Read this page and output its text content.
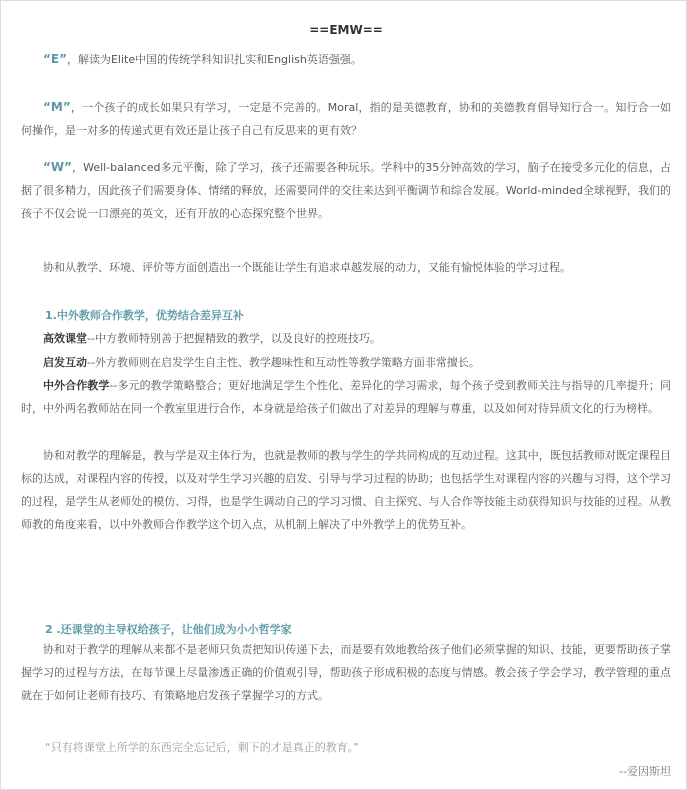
==EMW==
“E”，解读为Elite中国的传统学科知识扎实和English英语强强。
“M”，一个孩子的成长如果只有学习，一定是不完善的。Moral，指的是美德教育，协和的美德教育倡导知行合一。知行合一如何操作，是一对多的传递式更有效还是让孩子自己有反思来的更有效？
“W”，Well-balanced多元平衡，除了学习，孩子还需要各种玩乐。学科中的35分钟高效的学习，脑子在接受多元化的信息，占据了很多精力，因此孩子们需要身体、情绪的释放，还需要同伴的交往来达到平衡调节和综合发展。World-minded全球视野，我们的孩子不仅会说一口漂亮的英文，还有开放的心态探究整个世界。
协和从教学、环境、评价等方面创造出一个既能让学生有追求卓越发展的动力，又能有愉悦体验的学习过程。
1.中外教师合作教学，优势结合差异互补
高效课堂--中方教师特别善于把握精致的教学，以及良好的控班技巧。
启发互动--外方教师则在启发学生自主性、教学趣味性和互动性等教学策略方面非常擅长。
中外合作教学--多元的教学策略整合；更好地满足学生个性化、差异化的学习需求，每个孩子受到教师关注与指导的几率提升；同时，中外两名教师站在同一个教室里进行合作，本身就是给孩子们做出了对差异的理解与尊重，以及如何对待异质文化的行为榜样。
协和对教学的理解是，教与学是双主体行为，也就是教师的教与学生的学共同构成的互动过程。这其中，既包括教师对既定课程目标的达成，对课程内容的传授，以及对学生学习兴趣的启发、引导与学习过程的协助；也包括学生对课程内容的兴趣与习得，这个学习的过程，是学生从老师处的模仿、习得，也是学生调动自己的学习习惯、自主探究、与人合作等技能主动获得知识与技能的过程。从教师教的角度来看，以中外教师合作教学这个切入点，从机制上解决了中外教学上的优势互补。
2 .还课堂的主导权给孩子，让他们成为小小哲学家
协和对于教学的理解从来都不是老师只负责把知识传递下去，而是要有效地教给孩子他们必须掌握的知识、技能，更要帮助孩子掌握学习的过程与方法，在每节课上尽量渗透正确的价值观引导，帮助孩子形成积极的态度与情感。教会孩子学会学习，教学管理的重点就在于如何让老师有技巧、有策略地启发孩子掌握学习的方式。
“只有将课堂上所学的东西完全忘记后，剩下的才是真正的教育。”
--爱因斯坦
